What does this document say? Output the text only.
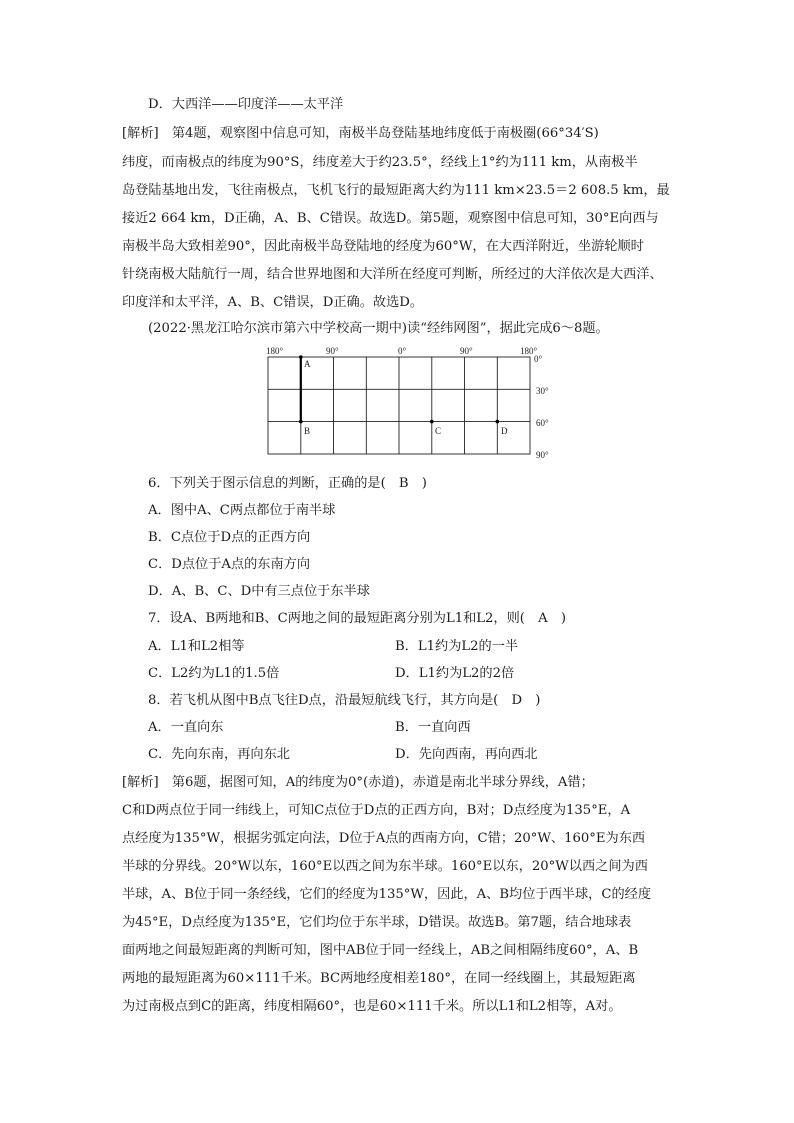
D．大西洋——印度洋——太平洋
[解析]　第4题，观察图中信息可知，南极半岛登陆基地纬度低于南极圈(66°34′S)
纬度，而南极点的纬度为90°S，纬度差大于约23.5°，经线上1°约为111 km，从南极半
岛登陆基地出发，飞往南极点，飞机飞行的最短距离大约为111 km×23.5＝2 608.5 km，最
接近2 664 km，D正确，A、B、C错误。故选D。第5题，观察图中信息可知，30°E向西与
南极半岛大致相差90°，因此南极半岛登陆地的经度为60°W，在大西洋附近，坐游轮顺时
针绕南极大陆航行一周，结合世界地图和大洋所在经度可判断，所经过的大洋依次是大西洋、
印度洋和太平洋，A、B、C错误，D正确。故选D。
(2022·黑龙江哈尔滨市第六中学校高一期中)读“经纬网图”，据此完成6～8题。
180°	90°	0°	90°	180°
0°
30°
60°
90°
A
B	C	D
6．下列关于图示信息的判断，正确的是(　B　)
A．图中A、C两点都位于南半球
B．C点位于D点的正西方向
C．D点位于A点的东南方向
D．A、B、C、D中有三点位于东半球
7．设A、B两地和B、C两地之间的最短距离分别为L1和L2，则(　A　)
A．L1和L2相等	B．L1约为L2的一半
C．L2约为L1的1.5倍	D．L1约为L2的2倍
8．若飞机从图中B点飞往D点，沿最短航线飞行，其方向是(　D　)
A．一直向东	B．一直向西
C．先向东南，再向东北	D．先向西南，再向西北
[解析]　第6题，据图可知，A的纬度为0°(赤道)，赤道是南北半球分界线，A错；
C和D两点位于同一纬线上，可知C点位于D点的正西方向，B对；D点经度为135°E，A
点经度为135°W，根据劣弧定向法，D位于A点的西南方向，C错；20°W、160°E为东西
半球的分界线。20°W以东，160°E以西之间为东半球。160°E以东，20°W以西之间为西
半球，A、B位于同一条经线，它们的经度为135°W，因此，A、B均位于西半球，C的经度
为45°E，D点经度为135°E，它们均位于东半球，D错误。故选B。第7题，结合地球表
面两地之间最短距离的判断可知，图中AB位于同一经线上，AB之间相隔纬度60°，A、B
两地的最短距离为60×111千米。BC两地经度相差180°，在同一经线圈上，其最短距离
为过南极点到C的距离，纬度相隔60°，也是60×111千米。所以L1和L2相等，A对。
